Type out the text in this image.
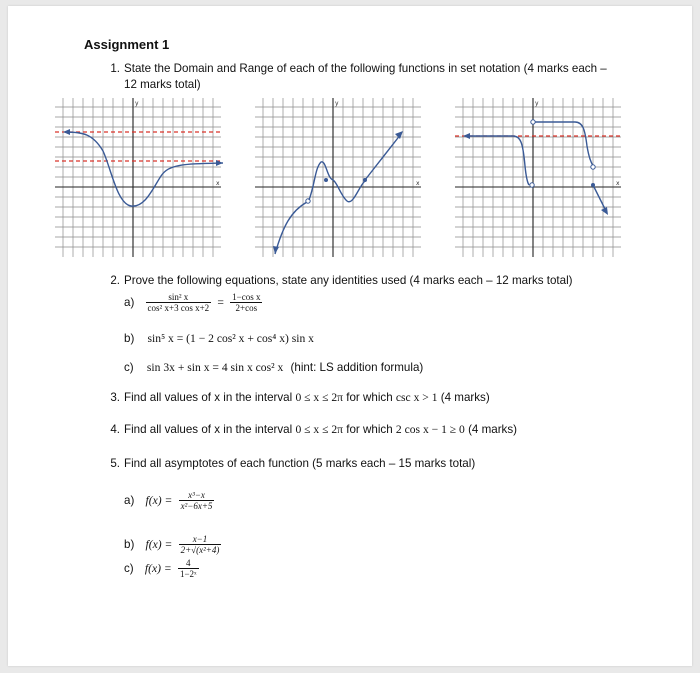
Assignment 1
1. State the Domain and Range of each of the following functions in set notation (4 marks each –
12 marks total)
y
x
y
x
y
x
2. Prove the following equations, state any identities used (4 marks each – 12 marks total)
$a) \frac{\text{sin² x}}{\text{cos² x+3 cos x+2}} = \frac{\text{1−cos x}}{2+\cos}$
b) sin⁵ x = (1 − 2 cos² x + cos⁴ x) sin x
c) sin 3x + sin x = 4 sin x cos² x (hint: LS addition formula)
3. Find all values of x in the interval 0 ≤ x ≤ 2π for which csc x > 1 (4 marks)
4. Find all values of x in the interval 0 ≤ x ≤ 2π for which 2 cos x − 1 ≥ 0 (4 marks)
5. Find all asymptotes of each function (5 marks each – 15 marks total)
a) $f(x) = \frac{\text{x³−x}}{\text{x²−6x+5}}$
b) $f(x) = \frac{x-1}{\text{2+√(x²+4)}}$
c) $f(x) = \frac{4}{\text{1−2ˣ}}$
